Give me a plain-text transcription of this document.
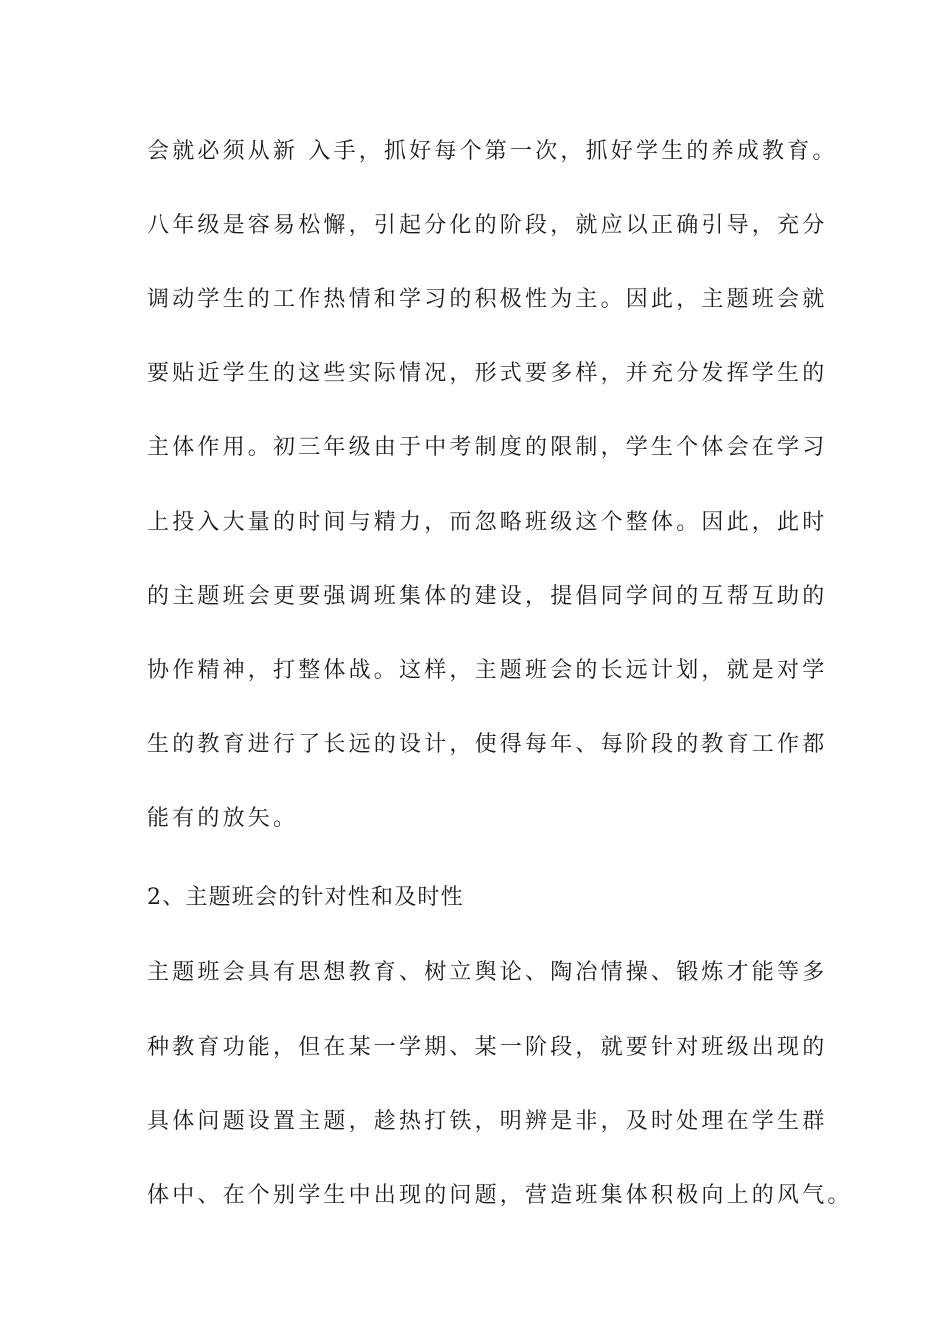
会就必须从新 入手，抓好每个第一次，抓好学生的养成教育。
八年级是容易松懈，引起分化的阶段，就应以正确引导，充分
调动学生的工作热情和学习的积极性为主。因此，主题班会就
要贴近学生的这些实际情况，形式要多样，并充分发挥学生的
主体作用。初三年级由于中考制度的限制，学生个体会在学习
上投入大量的时间与精力，而忽略班级这个整体。因此，此时
的主题班会更要强调班集体的建设，提倡同学间的互帮互助的
协作精神，打整体战。这样，主题班会的长远计划，就是对学
生的教育进行了长远的设计，使得每年、每阶段的教育工作都
能有的放矢。
2、主题班会的针对性和及时性
主题班会具有思想教育、树立舆论、陶冶情操、锻炼才能等多
种教育功能，但在某一学期、某一阶段，就要针对班级出现的
具体问题设置主题，趁热打铁，明辨是非，及时处理在学生群
体中、在个别学生中出现的问题，营造班集体积极向上的风气。
